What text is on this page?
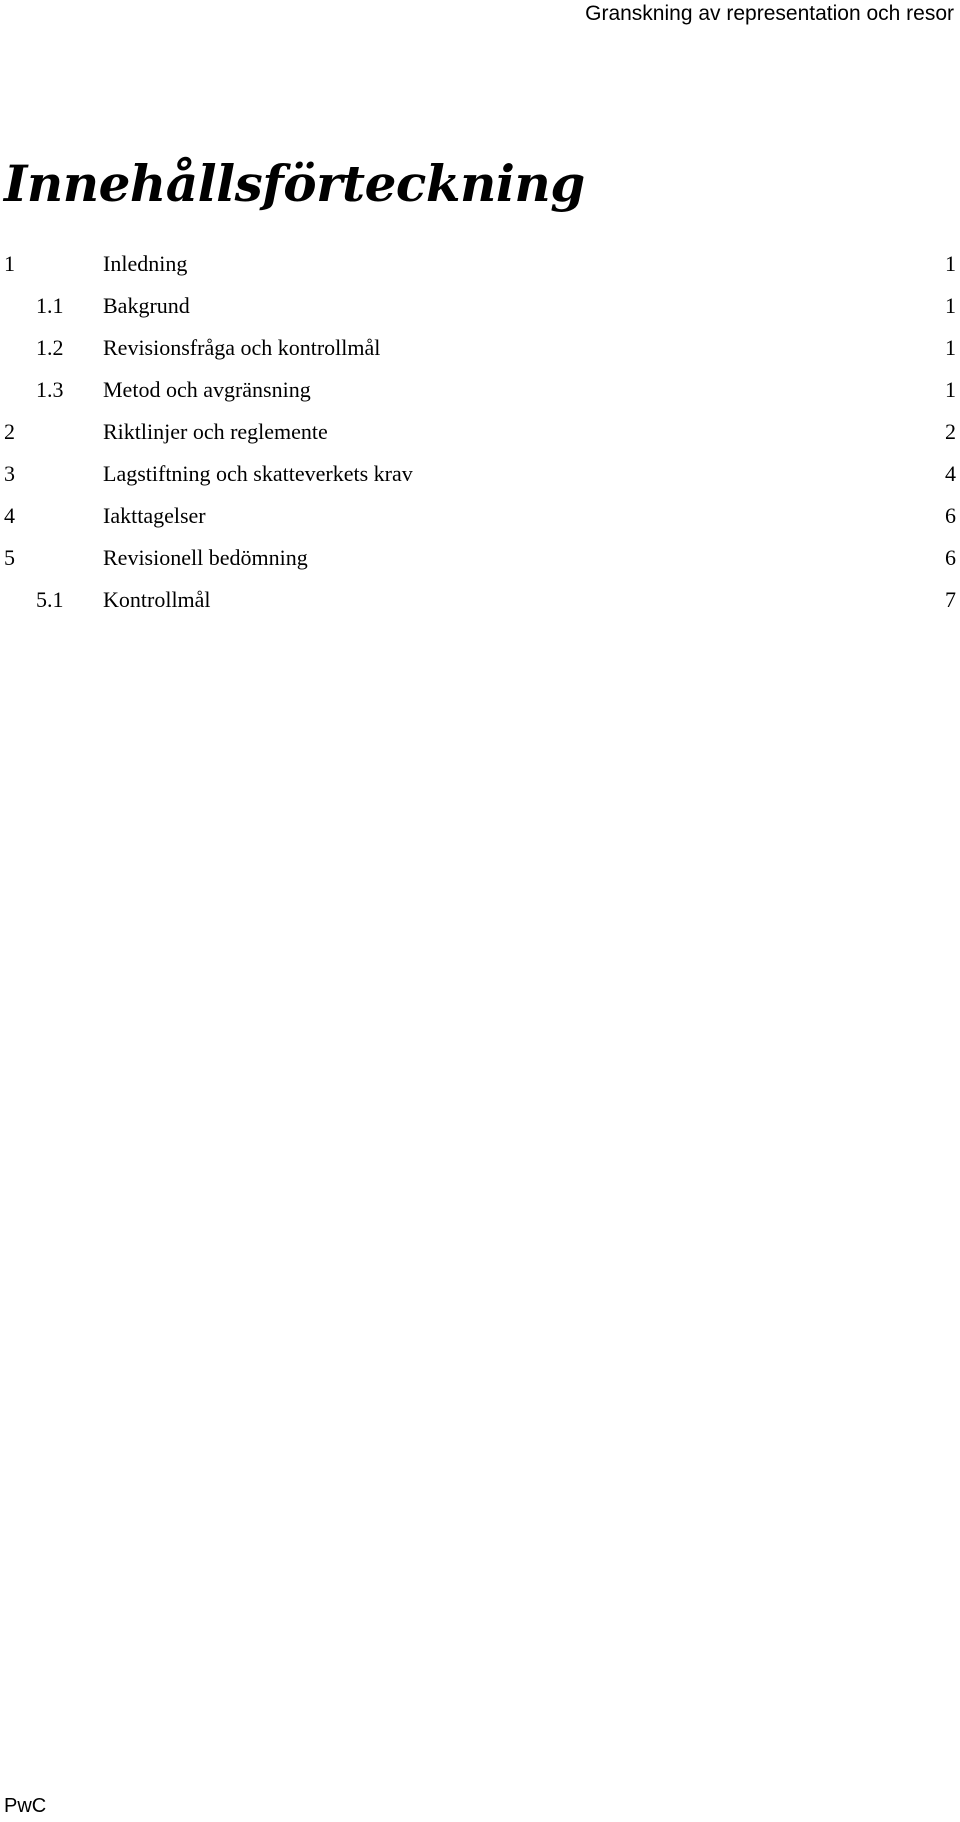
Granskning av representation och resor
Innehållsförteckning
1	Inledning	1
1.1 Bakgrund	1
1.2 Revisionsfråga och kontrollmål	1
1.3 Metod och avgränsning	1
2	Riktlinjer och reglemente	2
3	Lagstiftning och skatteverkets krav	4
4	Iakttagelser	6
5	Revisionell bedömning	6
5.1 Kontrollmål	7
PwC
